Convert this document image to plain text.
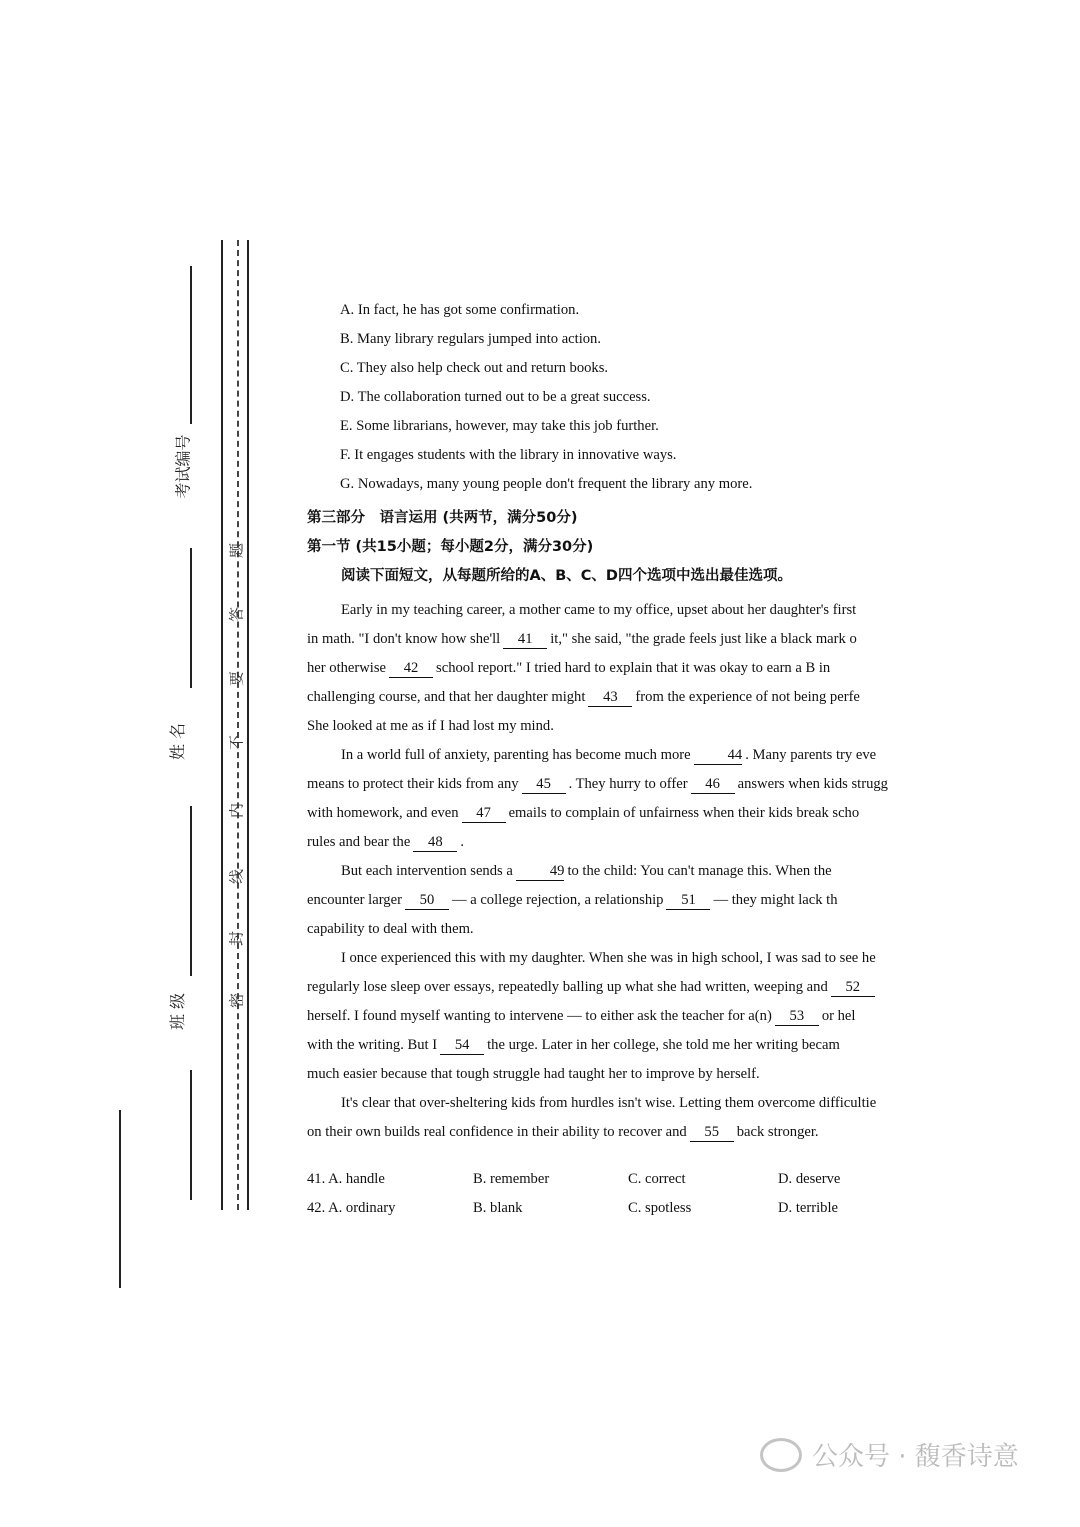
考试编号
姓 名
班 级	密
封
线
内
不
要
答
题
A. In fact, he has got some confirmation.
B. Many library regulars jumped into action.
C. They also help check out and return books.
D. The collaboration turned out to be a great success.
E. Some librarians, however, may take this job further.
F. It engages students with the library in innovative ways.
G. Nowadays, many young people don't frequent the library any more.
第三部分　语言运用 (共两节，满分50分)
第一节 (共15小题；每小题2分，满分30分)
阅读下面短文，从每题所给的A、B、C、D四个选项中选出最佳选项。
Early in my teaching career, a mother came to my office, upset about her daughter's first
in math. "I don't know how she'll 41 it," she said, "the grade feels just like a black mark o
her otherwise 42 school report." I tried hard to explain that it was okay to earn a B in
challenging course, and that her daughter might 43 from the experience of not being perfe
She looked at me as if I had lost my mind.
In a world full of anxiety, parenting has become much more	44 . Many parents try eve
means to protect their kids from any 45 . They hurry to offer 46 answers when kids strugg
with homework, and even 47 emails to complain of unfairness when their kids break scho
rules and bear the 48 .
But each intervention sends a	49 to the child: You can't manage this. When the
encounter larger 50 — a college rejection, a relationship 51 — they might lack th
capability to deal with them.
I once experienced this with my daughter. When she was in high school, I was sad to see he
regularly lose sleep over essays, repeatedly balling up what she had written, weeping and 52
herself. I found myself wanting to intervene — to either ask the teacher for a(n) 53 or hel
with the writing. But I 54 the urge. Later in her college, she told me her writing becam
much easier because that tough struggle had taught her to improve by herself.
It's clear that over-sheltering kids from hurdles isn't wise. Letting them overcome difficultie
on their own builds real confidence in their ability to recover and 55 back stronger.
41. A. handle	B. remember	C. correct	D. deserve
42. A. ordinary	B. blank	C. spotless	D. terrible
公众号 · 馥香诗意
